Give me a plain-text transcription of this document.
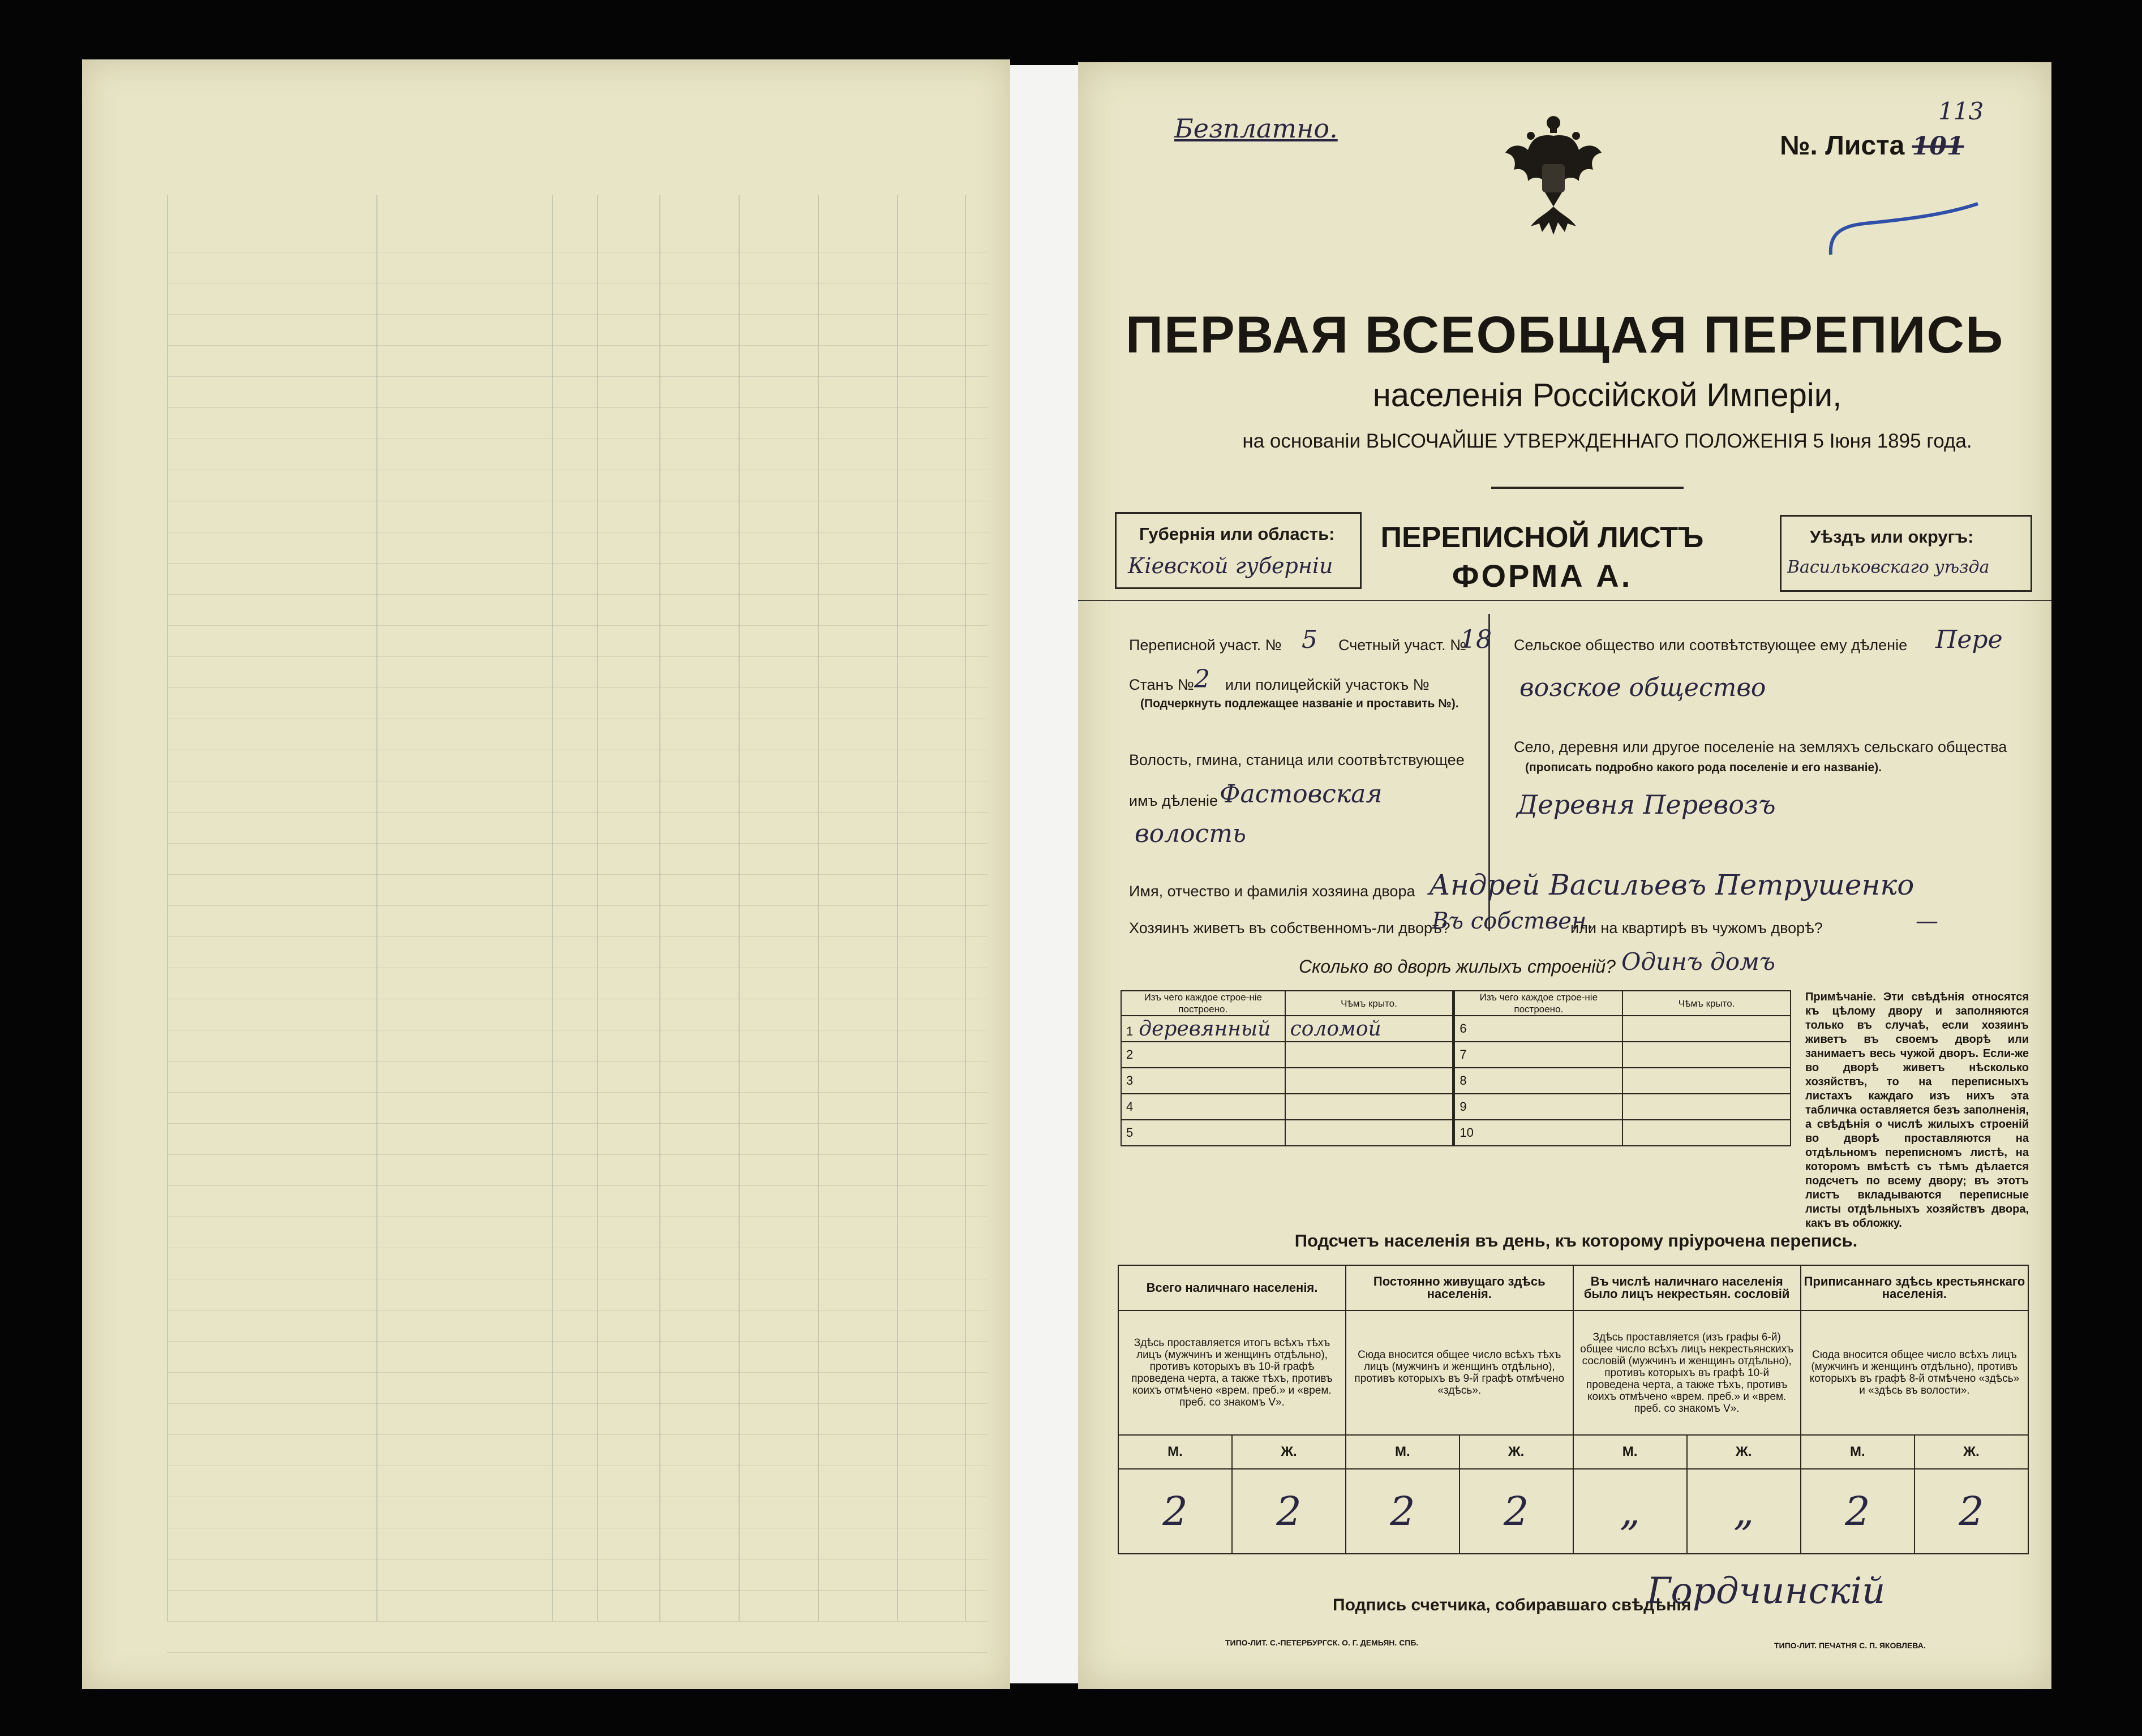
Безплатно.
№. Листа 101
113
ПЕРВАЯ ВСЕОБЩАЯ ПЕРЕПИСЬ
населенія Россійской Имперіи,
на основаніи ВЫСОЧАЙШЕ УТВЕРЖДЕННАГО ПОЛОЖЕНІЯ 5 Іюня 1895 года.
Губернія или область:
Кіевской губерніи
ПЕРЕПИСНОЙ ЛИСТЪ
ФОРМА А.
Уѣздъ или округъ:
Васильковскаго уѣзда
Переписной участ. № 5 Счетный участ. №
18
Станъ № 2 или полицейскій участокъ №
(Подчеркнуть подлежащее названіе и проставить №).
Волость, гмина, станица или соотвѣтствующее
имъ дѣленіе Фастовская
волость
Сельское общество или соотвѣтствующее ему дѣленіе Пере
возское общество
Село, деревня или другое поселеніе на земляхъ сельскаго общества
(прописать подробно какого рода поселеніе и его названіе).
Деревня Перевозъ
Имя, отчество и фамилія хозяина двора Андрей Васильевъ Петрушенко
Хозяинъ живетъ въ собственномъ-ли дворѣ?
Въ собствен.
или на квартирѣ въ чужомъ дворѣ?	—
Сколько во дворѣ жилыхъ строеній? Одинъ домъ
Изъ чего каждое строе-ніе построено.	Чѣмъ крыто.	Изъ чего каждое строе-ніе построено.	Чѣмъ крыто.
1 деревянный	соломой	6	
2		7	
3		8	
4		9	
5		10	
Примѣчаніе. Эти свѣдѣнія относятся къ цѣлому двору и заполняются только въ случаѣ, если хозяинъ живетъ въ своемъ дворѣ или занимаетъ весь чужой дворъ. Если-же во дворѣ живетъ нѣсколько хозяйствъ, то на переписныхъ листахъ каждаго изъ нихъ эта табличка оставляется безъ заполненія, а свѣдѣнія о числѣ жилыхъ строеній во дворѣ проставляются на отдѣльномъ переписномъ листѣ, на которомъ вмѣстѣ съ тѣмъ дѣлается подсчетъ по всему двору; въ этотъ листъ вкладываются переписные листы отдѣльныхъ хозяйствъ двора, какъ въ обложку.
Подсчетъ населенія въ день, къ которому пріурочена перепись.
Всего наличнаго населенія.		Постоянно живущаго здѣсь населенія.		Въ числѣ наличнаго населенія было лицъ некрестьян. сословій		Приписаннаго здѣсь крестьянскаго населенія.	
Здѣсь проставляется итогъ всѣхъ тѣхъ лицъ (мужчинъ и женщинъ отдѣльно), противъ которыхъ въ 10-й графѣ проведена черта, а также тѣхъ, противъ коихъ отмѣчено «врем. преб.» и «врем. преб. со знакомъ V».		Сюда вносится общее число всѣхъ тѣхъ лицъ (мужчинъ и женщинъ отдѣльно), противъ которыхъ въ 9-й графѣ отмѣчено «здѣсь».		Здѣсь проставляется (изъ графы 6-й) общее число всѣхъ лицъ некрестьянскихъ сословій (мужчинъ и женщинъ отдѣльно), противъ которыхъ въ графѣ 10-й проведена черта, а также тѣхъ, противъ коихъ отмѣчено «врем. преб.» и «врем. преб. со знакомъ V».		Сюда вносится общее число всѣхъ лицъ (мужчинъ и женщинъ отдѣльно), противъ которыхъ въ графѣ 8-й отмѣчено «здѣсь» и «здѣсь въ волости».	
М.	Ж.	М.	Ж.	М.	Ж.	М.	Ж.
2	2	2	2	„	„	2	2
Подпись счетчика, собиравшаго свѣдѣнія
Гордчинскій
ТИПО-ЛИТ. С.-ПЕТЕРБУРГСК. О. Г. ДЕМЬЯН. СПБ.	ТИПО-ЛИТ. ПЕЧАТНЯ С. П. ЯКОВЛЕВА.
